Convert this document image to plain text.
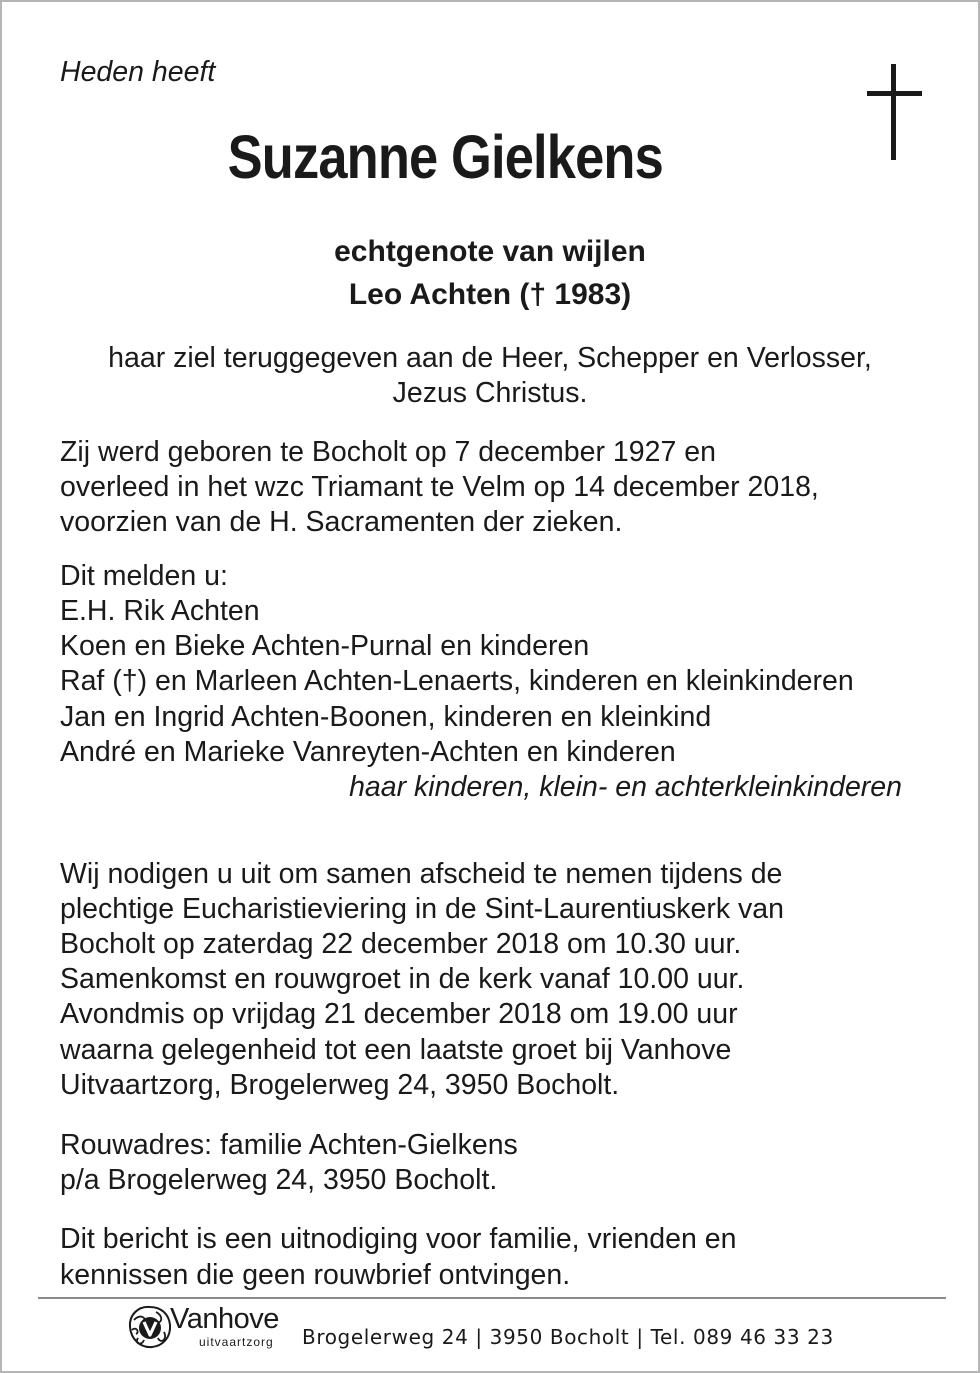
Heden heeft
Suzanne Gielkens
echtgenote van wijlen
Leo Achten († 1983)
haar ziel teruggegeven aan de Heer, Schepper en Verlosser,
Jezus Christus.
Zij werd geboren te Bocholt op 7 december 1927 en
overleed in het wzc Triamant te Velm op 14 december 2018,
voorzien van de H. Sacramenten der zieken.
Dit melden u:
E.H. Rik Achten
Koen en Bieke Achten-Purnal en kinderen
Raf (†) en Marleen Achten-Lenaerts, kinderen en kleinkinderen
Jan en Ingrid Achten-Boonen, kinderen en kleinkind
André en Marieke Vanreyten-Achten en kinderen
haar kinderen, klein- en achterkleinkinderen
Wij nodigen u uit om samen afscheid te nemen tijdens de
plechtige Eucharistieviering in de Sint-Laurentiuskerk van
Bocholt op zaterdag 22 december 2018 om 10.30 uur.
Samenkomst en rouwgroet in de kerk vanaf 10.00 uur.
Avondmis op vrijdag 21 december 2018 om 19.00 uur
waarna gelegenheid tot een laatste groet bij Vanhove
Uitvaartzorg, Brogelerweg 24, 3950 Bocholt.
Rouwadres: familie Achten-Gielkens
p/a Brogelerweg 24, 3950 Bocholt.
Dit bericht is een uitnodiging voor familie, vrienden en
kennissen die geen rouwbrief ontvingen.
Vanhove
uitvaartzorg Brogelerweg 24 | 3950 Bocholt | Tel. 089 46 33 23
